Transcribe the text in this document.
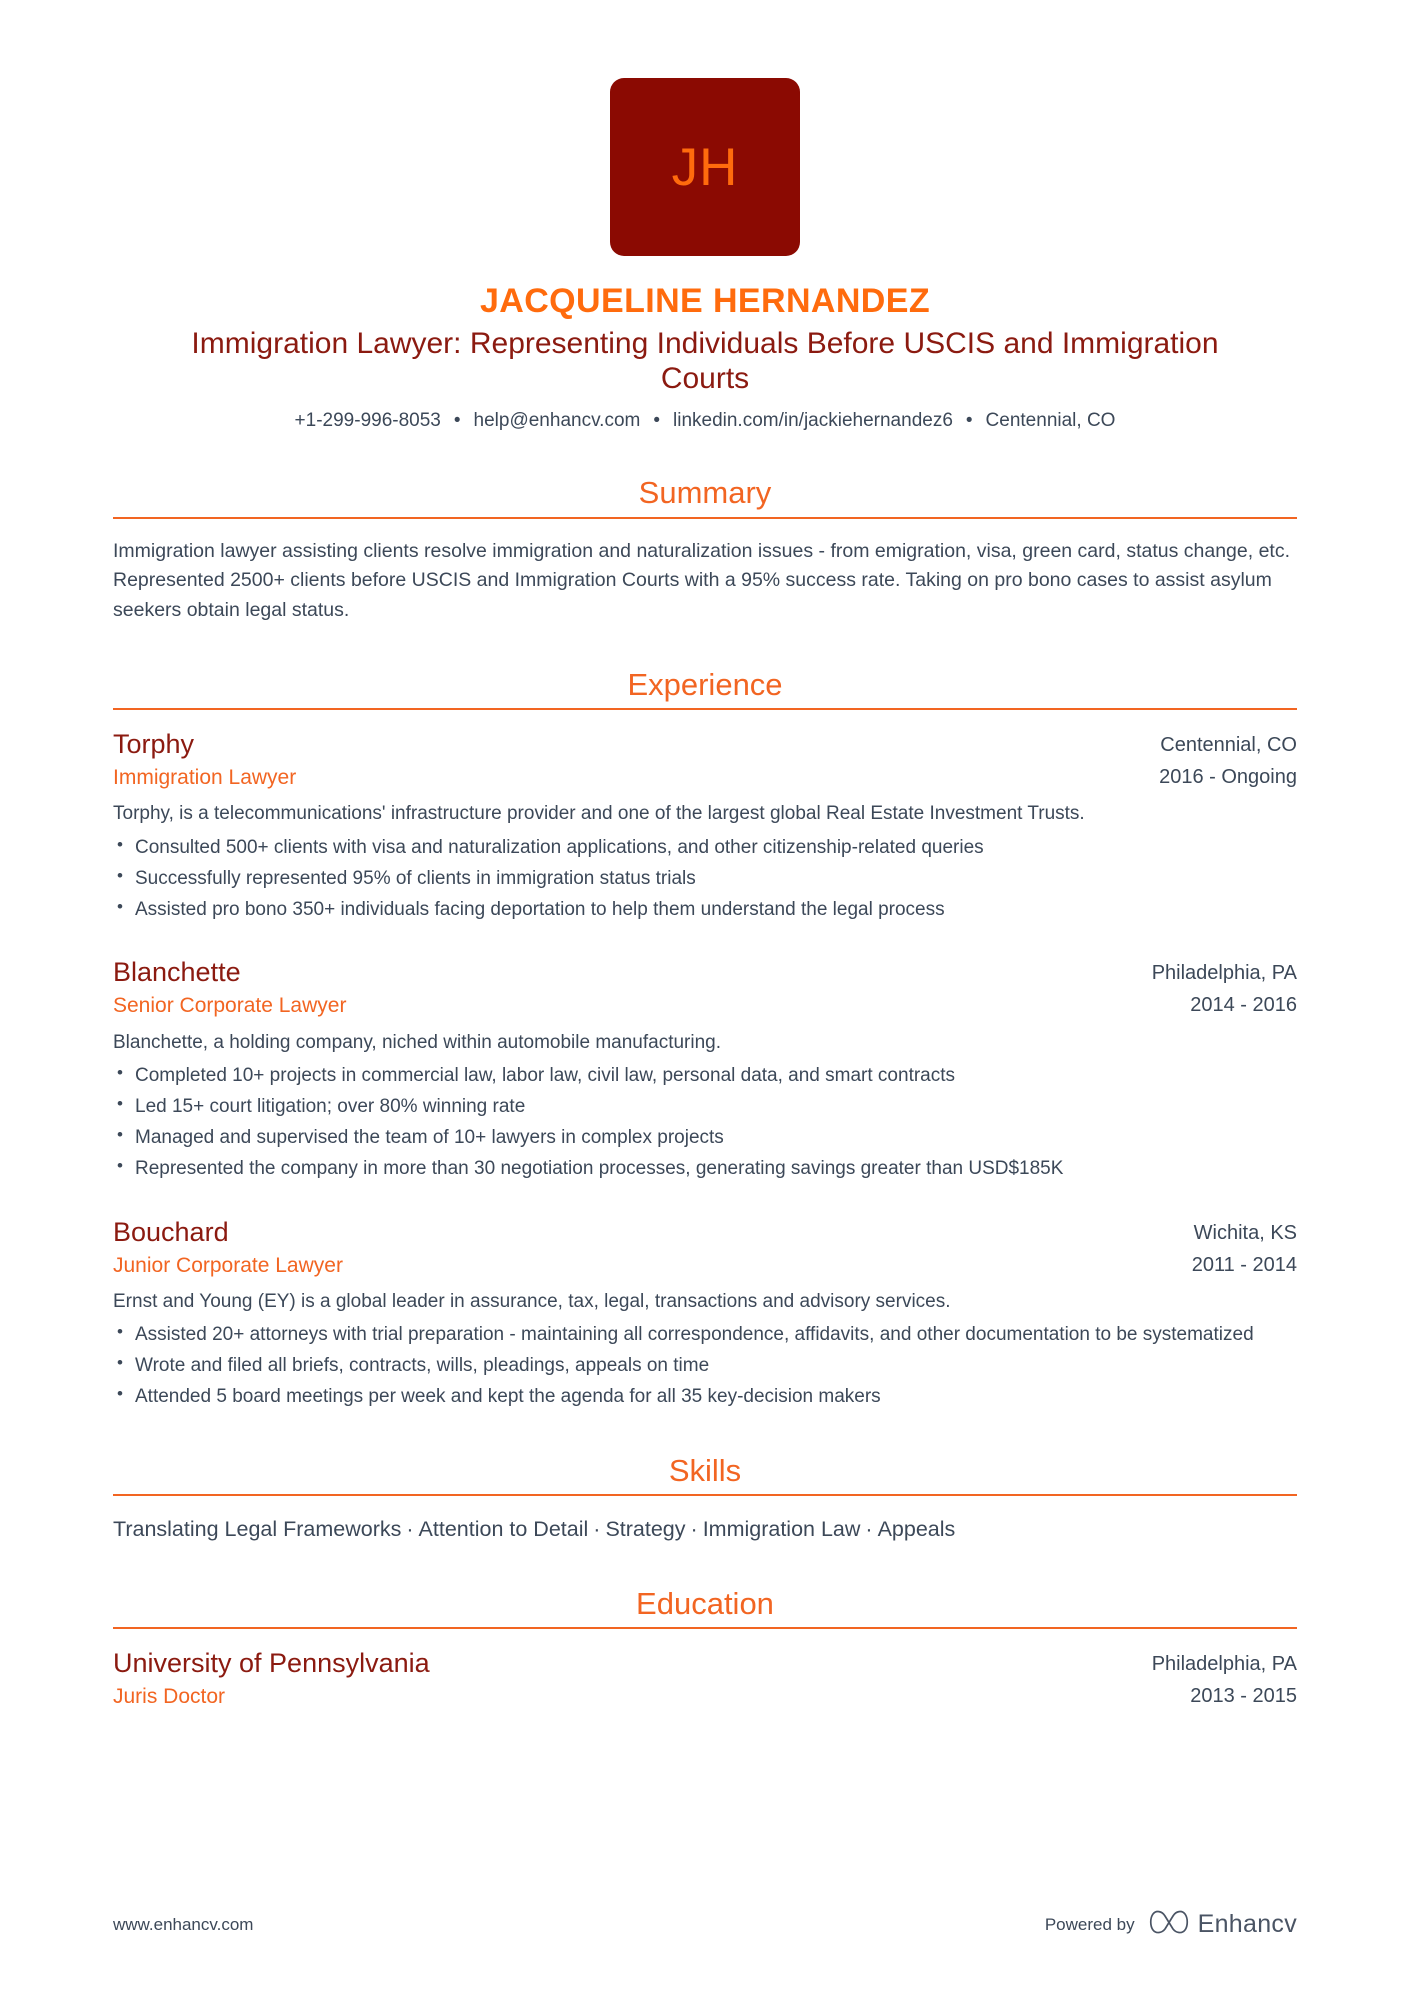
JH
JACQUELINE HERNANDEZ
Immigration Lawyer: Representing Individuals Before USCIS and Immigration Courts
+1-299-996-8053 • help@enhancv.com • linkedin.com/in/jackiehernandez6 • Centennial, CO
Summary

Immigration lawyer assisting clients resolve immigration and naturalization issues - from emigration, visa, green card, status change, etc. Represented 2500+ clients before USCIS and Immigration Courts with a 95% success rate. Taking on pro bono cases to assist asylum seekers obtain legal status.

Experience
Torphy
Immigration Lawyer
Centennial, CO
2016 - Ongoing
Torphy, is a telecommunications' infrastructure provider and one of the largest global Real Estate Investment Trusts.
• Consulted 500+ clients with visa and naturalization applications, and other citizenship-related queries
• Successfully represented 95% of clients in immigration status trials
• Assisted pro bono 350+ individuals facing deportation to help them understand the legal process
Blanchette
Senior Corporate Lawyer
Philadelphia, PA
2014 - 2016
Blanchette, a holding company, niched within automobile manufacturing.
• Completed 10+ projects in commercial law, labor law, civil law, personal data, and smart contracts
• Led 15+ court litigation; over 80% winning rate
• Managed and supervised the team of 10+ lawyers in complex projects
• Represented the company in more than 30 negotiation processes, generating savings greater than USD$185K
Bouchard
Junior Corporate Lawyer
Wichita, KS
2011 - 2014
Ernst and Young (EY) is a global leader in assurance, tax, legal, transactions and advisory services.
• Assisted 20+ attorneys with trial preparation - maintaining all correspondence, affidavits, and other documentation to be systematized
• Wrote and filed all briefs, contracts, wills, pleadings, appeals on time
• Attended 5 board meetings per week and kept the agenda for all 35 key-decision makers
Skills
Translating Legal Frameworks · Attention to Detail · Strategy · Immigration Law · Appeals
Education
University of Pennsylvania
Juris Doctor
Philadelphia, PA
2013 - 2015
www.enhancv.com	Powered by	Enhancv
